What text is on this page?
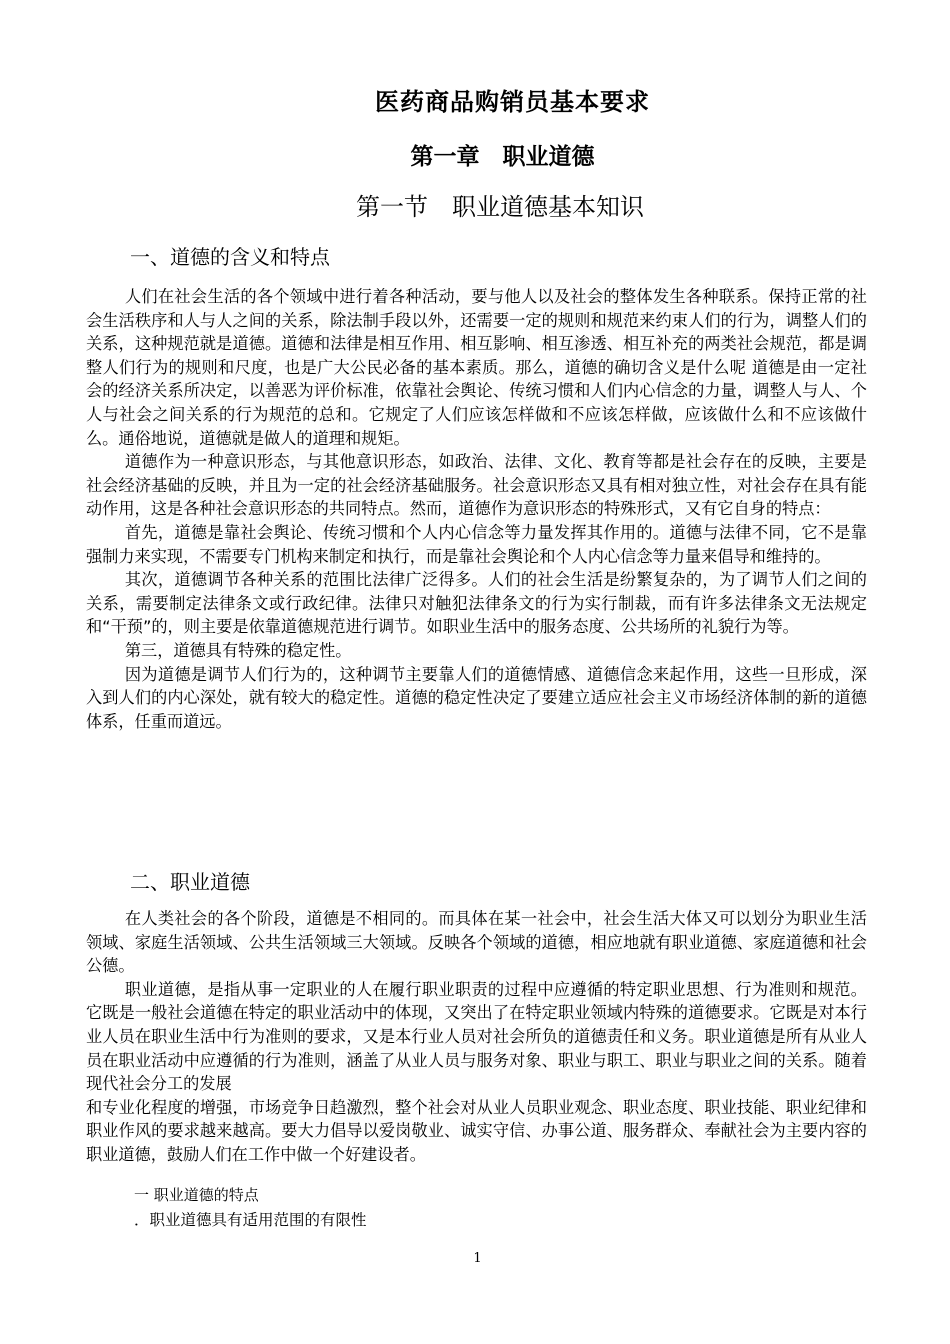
医药商品购销员基本要求
第一章　职业道德
第一节　职业道德基本知识
一、道德的含义和特点

人们在社会生活的各个领域中进行着各种活动，要与他人以及社会的整体发生各种联系。保持正常的社会生活秩序和人与人之间的关系，除法制手段以外，还需要一定的规则和规范来约束人们的行为，调整人们的关系，这种规范就是道德。道德和法律是相互作用、相互影响、相互渗透、相互补充的两类社会规范，都是调整人们行为的规则和尺度，也是广大公民必备的基本素质。那么，道德的确切含义是什么呢 道德是由一定社会的经济关系所决定，以善恶为评价标准，依靠社会舆论、传统习惯和人们内心信念的力量，调整人与人、个人与社会之间关系的行为规范的总和。它规定了人们应该怎样做和不应该怎样做，应该做什么和不应该做什么。通俗地说，道德就是做人的道理和规矩。

道德作为一种意识形态，与其他意识形态，如政治、法律、文化、教育等都是社会存在的反映，主要是社会经济基础的反映，并且为一定的社会经济基础服务。社会意识形态又具有相对独立性，对社会存在具有能动作用，这是各种社会意识形态的共同特点。然而，道德作为意识形态的特殊形式，又有它自身的特点：

首先，道德是靠社会舆论、传统习惯和个人内心信念等力量发挥其作用的。道德与法律不同，它不是靠强制力来实现，不需要专门机构来制定和执行，而是靠社会舆论和个人内心信念等力量来倡导和维持的。

其次，道德调节各种关系的范围比法律广泛得多。人们的社会生活是纷繁复杂的，为了调节人们之间的关系，需要制定法律条文或行政纪律。法律只对触犯法律条文的行为实行制裁，而有许多法律条文无法规定和“干预”的，则主要是依靠道德规范进行调节。如职业生活中的服务态度、公共场所的礼貌行为等。

第三，道德具有特殊的稳定性。

因为道德是调节人们行为的，这种调节主要靠人们的道德情感、道德信念来起作用，这些一旦形成，深入到人们的内心深处，就有较大的稳定性。道德的稳定性决定了要建立适应社会主义市场经济体制的新的道德体系，任重而道远。

二、职业道德

在人类社会的各个阶段，道德是不相同的。而具体在某一社会中，社会生活大体又可以划分为职业生活领域、家庭生活领域、公共生活领域三大领域。反映各个领域的道德，相应地就有职业道德、家庭道德和社会公德。

职业道德，是指从事一定职业的人在履行职业职责的过程中应遵循的特定职业思想、行为准则和规范。它既是一般社会道德在特定的职业活动中的体现，又突出了在特定职业领域内特殊的道德要求。它既是对本行业人员在职业生活中行为准则的要求，又是本行业人员对社会所负的道德责任和义务。职业道德是所有从业人员在职业活动中应遵循的行为准则，涵盖了从业人员与服务对象、职业与职工、职业与职业之间的关系。随着现代社会分工的发展

和专业化程度的增强，市场竞争日趋激烈，整个社会对从业人员职业观念、职业态度、职业技能、职业纪律和职业作风的要求越来越高。要大力倡导以爱岗敬业、诚实守信、办事公道、服务群众、奉献社会为主要内容的职业道德，鼓励人们在工作中做一个好建设者。

一 职业道德的特点
．职业道德具有适用范围的有限性
1
